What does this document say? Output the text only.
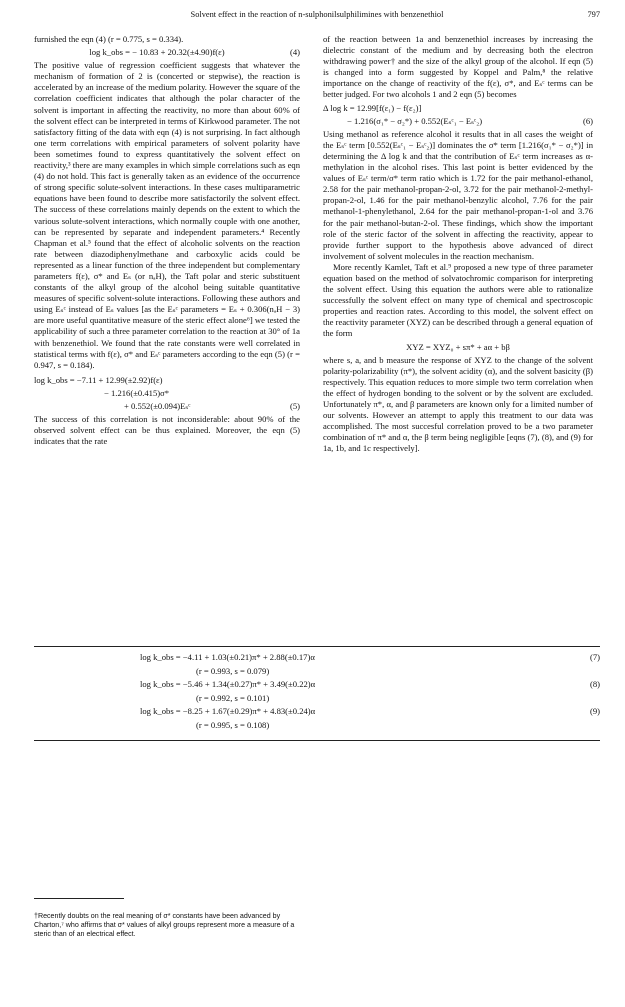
Solvent effect in the reaction of n-sulphonilsulphilimines with benzenethiol	797

furnished the eqn (4) (r = 0.775, s = 0.334).

log k_obs = − 10.83 + 20.32(±4.90)f(ε)	(4)

The positive value of regression coefficient suggests that whatever the mechanism of formation of 2 is (concerted or stepwise), the reaction is accelerated by an increase of the medium polarity. However the square of the correlation coefficient indicates that although the polar character of the solvent is important in affecting the reactivity, no more than about 60% of the solvent effect can be interpreted in terms of Kirkwood parameter. The not satisfactory fitting of the data with eqn (4) is not surprising. In fact although one term correlations with empirical parameters of solvent polarity have been sometimes found to express quantitatively the solvent effect on reactivity,³ there are many examples in which simple correlations such as eqn (4) do not hold. This fact is generally taken as an evidence of the occurrence of strong specific solute-solvent interactions. In these cases multiparametric equations have been found to describe more satisfactorily the solvent effect. The success of these correlations mainly depends on the extent to which the various solute-solvent interactions, which normally couple with one another, can be represented by separate and independent parameters.⁴ Recently Chapman et al.⁵ found that the effect of alcoholic solvents on the reaction rate between diazodiphenylmethane and carboxylic acids could be represented as a linear function of the three independent but complementary parameters f(ε), σ* and Eₛ (or nₐH), the Taft polar and steric substituent constants of the alkyl group of the alcohol being suitable quantitative measures of specific solvent-solute interactions. Following these authors and using Eₛᶜ instead of Eₛ values [as the Eₛᶜ parameters = Eₛ + 0.306(nₐH − 3) are more useful quantitative measure of the steric effect alone⁶] we tested the applicability of such a three parameter correlation to the reaction at 30° of 1a with benzenethiol. We found that the rate constants were well correlated in statistical terms with f(ε), σ* and Eₛᶜ parameters according to the eqn (5) (r = 0.947, s = 0.184).

log k_obs = −7.11 + 12.99(±2.92)f(ε)
− 1.216(±0.415)σ*
+ 0.552(±0.094)Eₛᶜ	(5)

The success of this correlation is not inconsiderable: about 90% of the observed solvent effect can be thus explained. Moreover, the eqn (5) indicates that the rate

of the reaction between 1a and benzenethiol increases by increasing the dielectric constant of the medium and by decreasing both the electron withdrawing power† and the size of the alkyl group of the alcohol. If eqn (5) is changed into a form suggested by Koppel and Palm,⁸ the relative importance on the change of reactivity of the f(ε), σ*, and Eₛᶜ terms can be better judged. For two alcohols 1 and 2 eqn (5) becomes

Δ log k = 12.99[f(ε₁) − f(ε₂)]
− 1.216(σ₁* − σ₂*) + 0.552(Eₛᶜ₁ − Eₛᶜ₂)	(6)

Using methanol as reference alcohol it results that in all cases the weight of the Eₛᶜ term [0.552(Eₛᶜ₁ − Eₛᶜ₂)] dominates the σ* term [1.216(σ₁* − σ₂*)] in determining the Δ log k and that the contribution of Eₛᶜ term increases as α-methylation in the alcohol rises. This last point is better evidenced by the values of Eₛᶜ term/σ* term ratio which is 1.72 for the pair methanol-ethanol, 2.58 for the pair methanol-propan-2-ol, 3.72 for the pair methanol-2-methyl-propan-2-ol, 1.46 for the pair methanol-benzylic alcohol, 7.76 for the pair methanol-1-phenylethanol, 2.64 for the pair methanol-propan-1-ol and 3.76 for the pair methanol-butan-2-ol. These findings, which show the important role of the steric factor of the solvent in affecting the reactivity, appear to provide further support to the hypothesis above advanced of direct involvement of solvent molecules in the reaction mechanism.

More recently Kamlet, Taft et al.⁹ proposed a new type of three parameter equation based on the method of solvatochromic comparison for interpreting the solvent effect. Using this equation the authors were able to rationalize successfully the solvent effect on many type of chemical and spectroscopic properties and reaction rates. According to this model, the solvent effect on the reactivity parameter (XYZ) can be described through a general equation of the form

XYZ = XYZ₀ + sπ* + aα + bβ

where s, a, and b measure the response of XYZ to the change of the solvent polarity-polarizability (π*), the solvent acidity (α), and the solvent basicity (β) respectively. This equation reduces to more simple two term correlation when the effect of hydrogen bonding to the solvent or by the solvent are excluded. Unfortunately π*, α, and β parameters are known only for a limited number of our solvents. However an attempt to apply this treatment to our data was accomplished. The most succesful correlation proved to be a two parameter combination of π* and α, the β term being negligible [eqns (7), (8), and (9) for 1a, 1b, and 1c respectively].

log k_obs = −4.11 + 1.03(±0.21)π* + 2.88(±0.17)α	(7)
(r = 0.993, s = 0.079)
log k_obs = −5.46 + 1.34(±0.27)π* + 3.49(±0.22)α	(8)
(r = 0.992, s = 0.101)
log k_obs = −8.25 + 1.67(±0.29)π* + 4.83(±0.24)α	(9)
(r = 0.995, s = 0.108)

†Recently doubts on the real meaning of σ* constants have been advanced by Charton,⁷ who affirms that σ* values of alkyl groups represent more a measure of a steric than of an electrical effect.
